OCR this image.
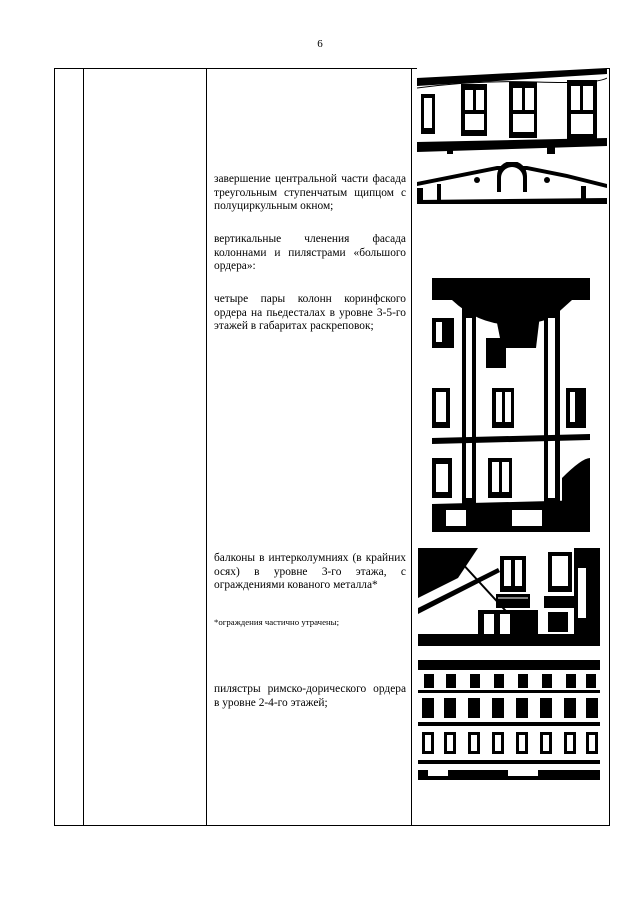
6
завершение центральной части фасада треугольным ступенчатым щипцом с полуциркульным окном;
вертикальные членения фасада колоннами и пилястрами «большого ордера»:
четыре пары колонн коринфского ордера на пьедесталах в уровне 3-5-го этажей в габаритах раскреповок;
балконы в интерколумниях (в крайних осях) в уровне 3-го этажа, с ограждениями кованого металла*
*ограждения частично утрачены;
пилястры римско-дорического ордера в уровне 2-4-го этажей;
